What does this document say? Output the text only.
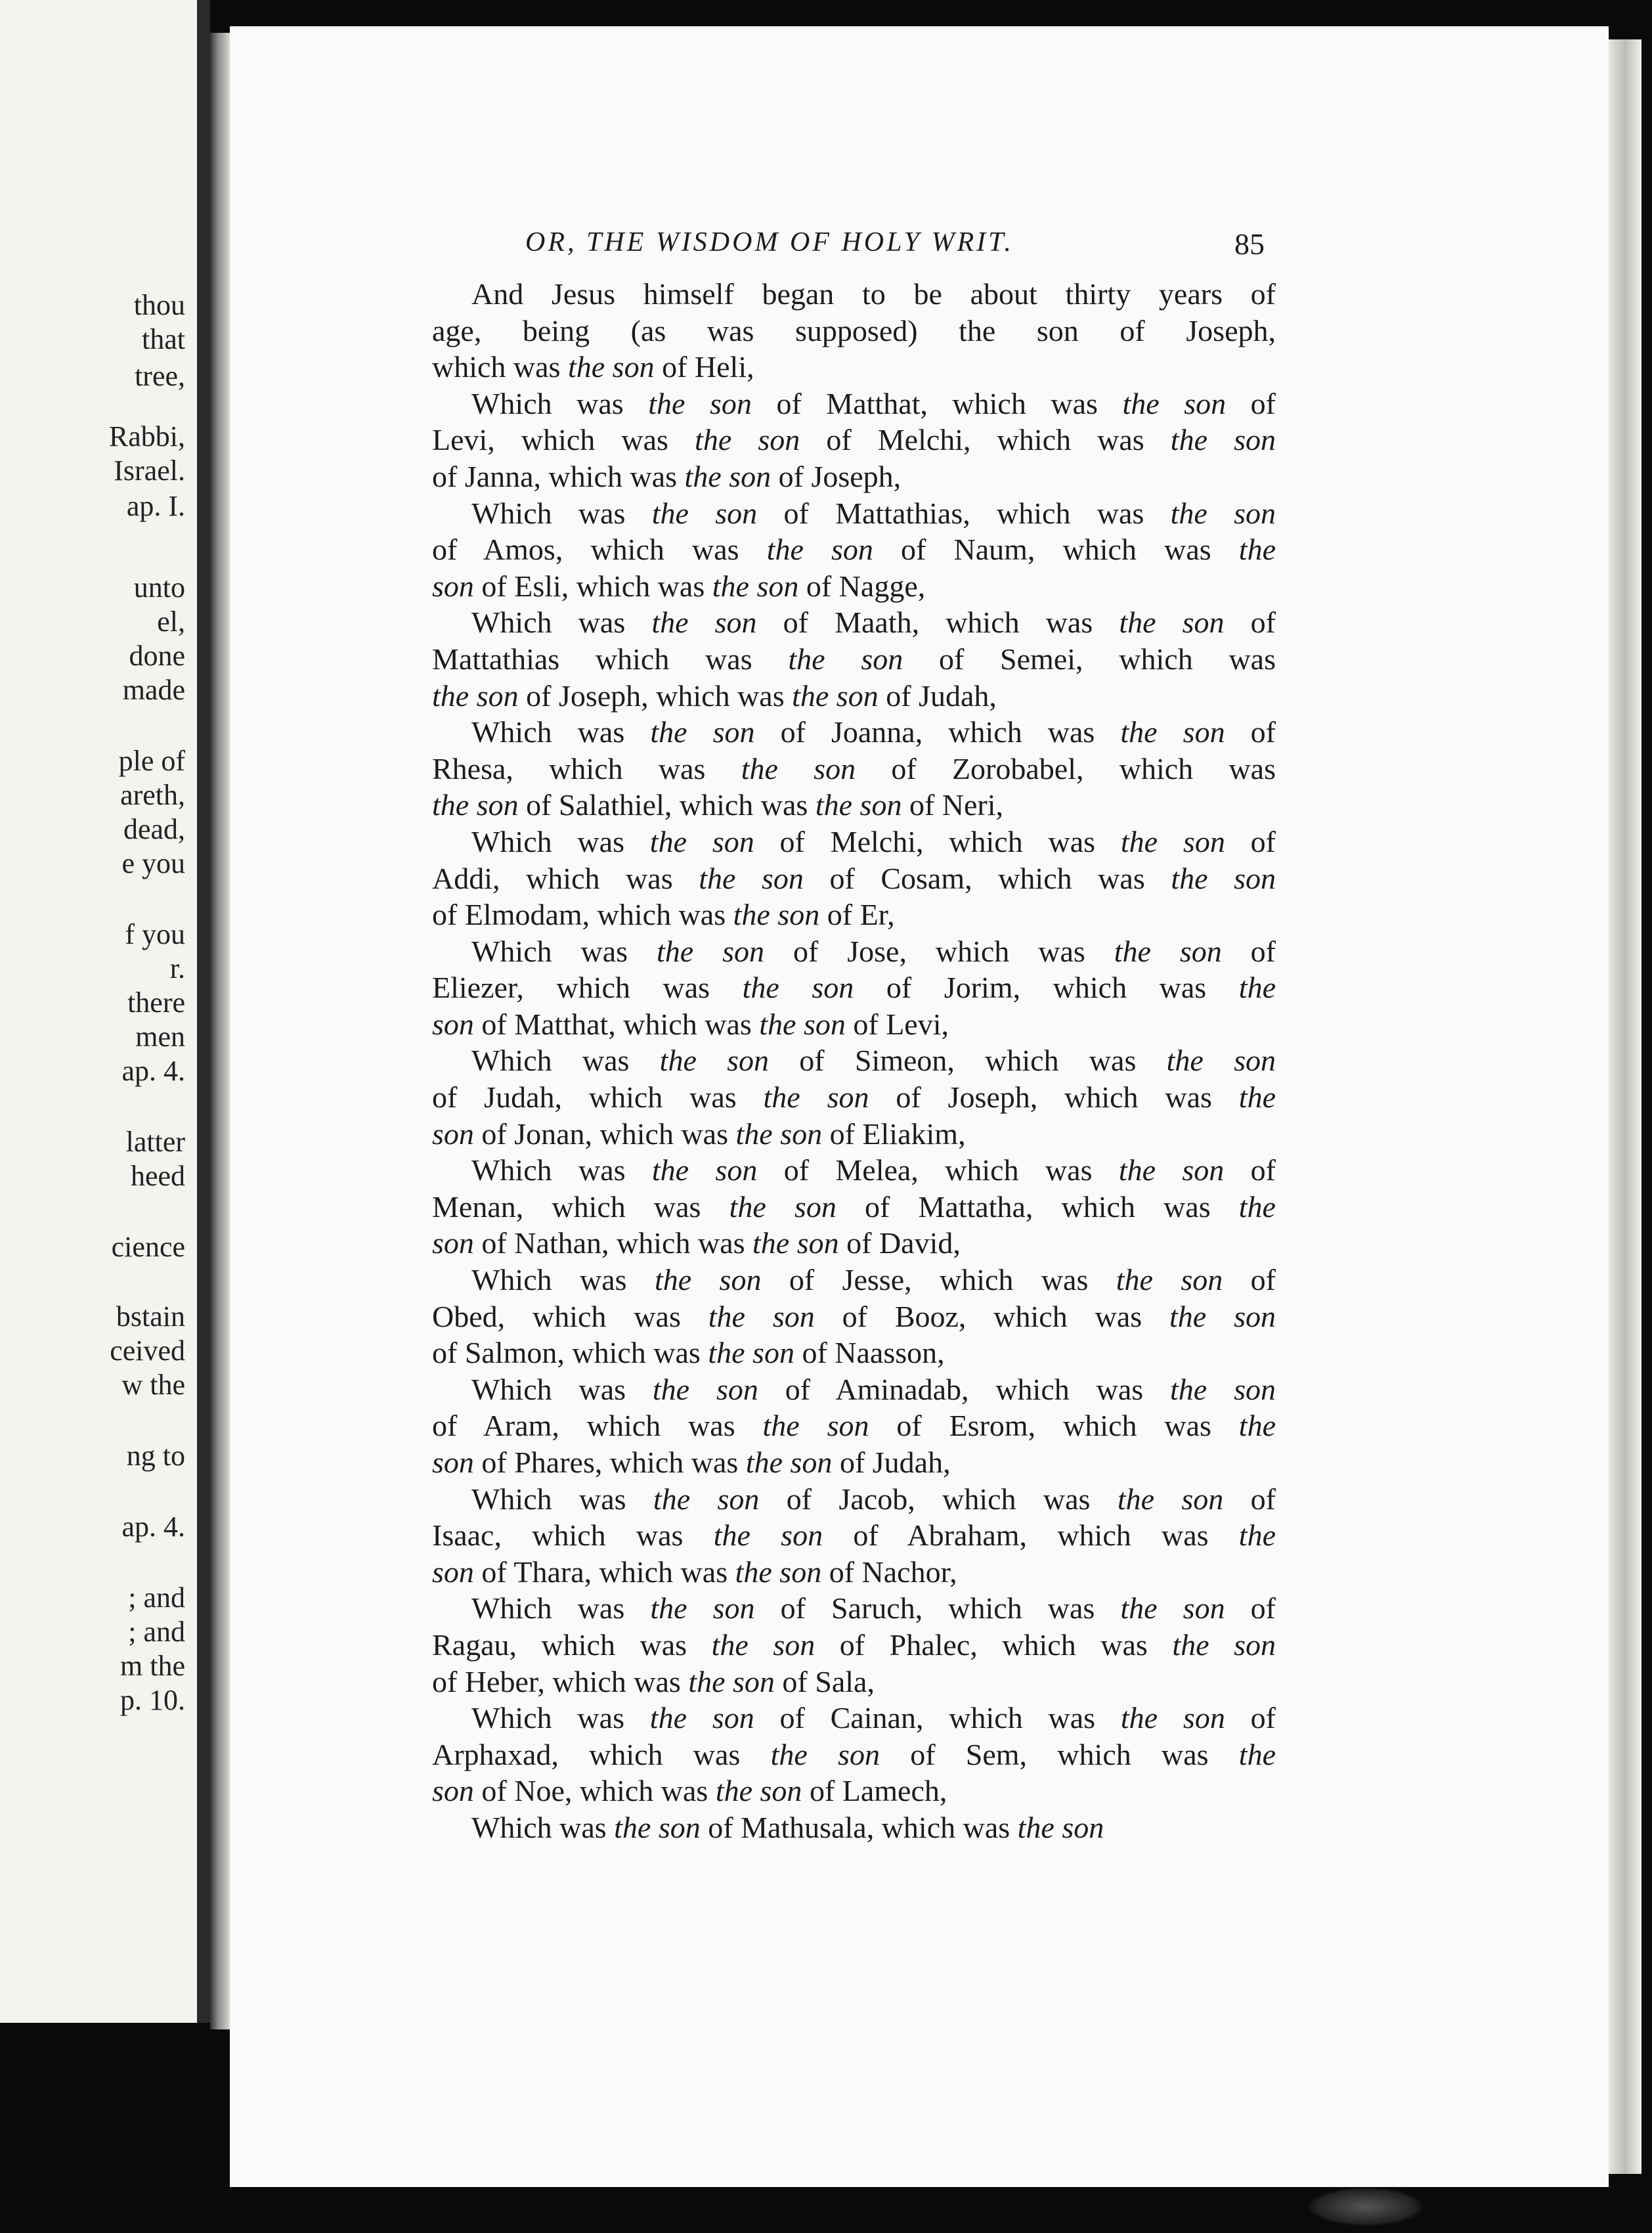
thou
that
tree,
Rabbi,
Israel.
ap. I.
unto
el,
done
made
ple of
areth,
dead,
e you
f you
r.
there
men
ap. 4.
latter
heed
cience
bstain
ceived
w the
ng to
ap. 4.
; and
; and
m the
p. 10.
OR, THE WISDOM OF HOLY WRIT.	85
And Jesus himself began to be about thirty years of
age, being (as was supposed) the son of Joseph,
which was the son of Heli,
Which was the son of Matthat, which was the son of
Levi, which was the son of Melchi, which was the son
of Janna, which was the son of Joseph,
Which was the son of Mattathias, which was the son
of Amos, which was the son of Naum, which was the
son of Esli, which was the son of Nagge,
Which was the son of Maath, which was the son of
Mattathias which was the son of Semei, which was
the son of Joseph, which was the son of Judah,
Which was the son of Joanna, which was the son of
Rhesa, which was the son of Zorobabel, which was
the son of Salathiel, which was the son of Neri,
Which was the son of Melchi, which was the son of
Addi, which was the son of Cosam, which was the son
of Elmodam, which was the son of Er,
Which was the son of Jose, which was the son of
Eliezer, which was the son of Jorim, which was the
son of Matthat, which was the son of Levi,
Which was the son of Simeon, which was the son
of Judah, which was the son of Joseph, which was the
son of Jonan, which was the son of Eliakim,
Which was the son of Melea, which was the son of
Menan, which was the son of Mattatha, which was the
son of Nathan, which was the son of David,
Which was the son of Jesse, which was the son of
Obed, which was the son of Booz, which was the son
of Salmon, which was the son of Naasson,
Which was the son of Aminadab, which was the son
of Aram, which was the son of Esrom, which was the
son of Phares, which was the son of Judah,
Which was the son of Jacob, which was the son of
Isaac, which was the son of Abraham, which was the
son of Thara, which was the son of Nachor,
Which was the son of Saruch, which was the son of
Ragau, which was the son of Phalec, which was the son
of Heber, which was the son of Sala,
Which was the son of Cainan, which was the son of
Arphaxad, which was the son of Sem, which was the
son of Noe, which was the son of Lamech,
Which was the son of Mathusala, which was the son
